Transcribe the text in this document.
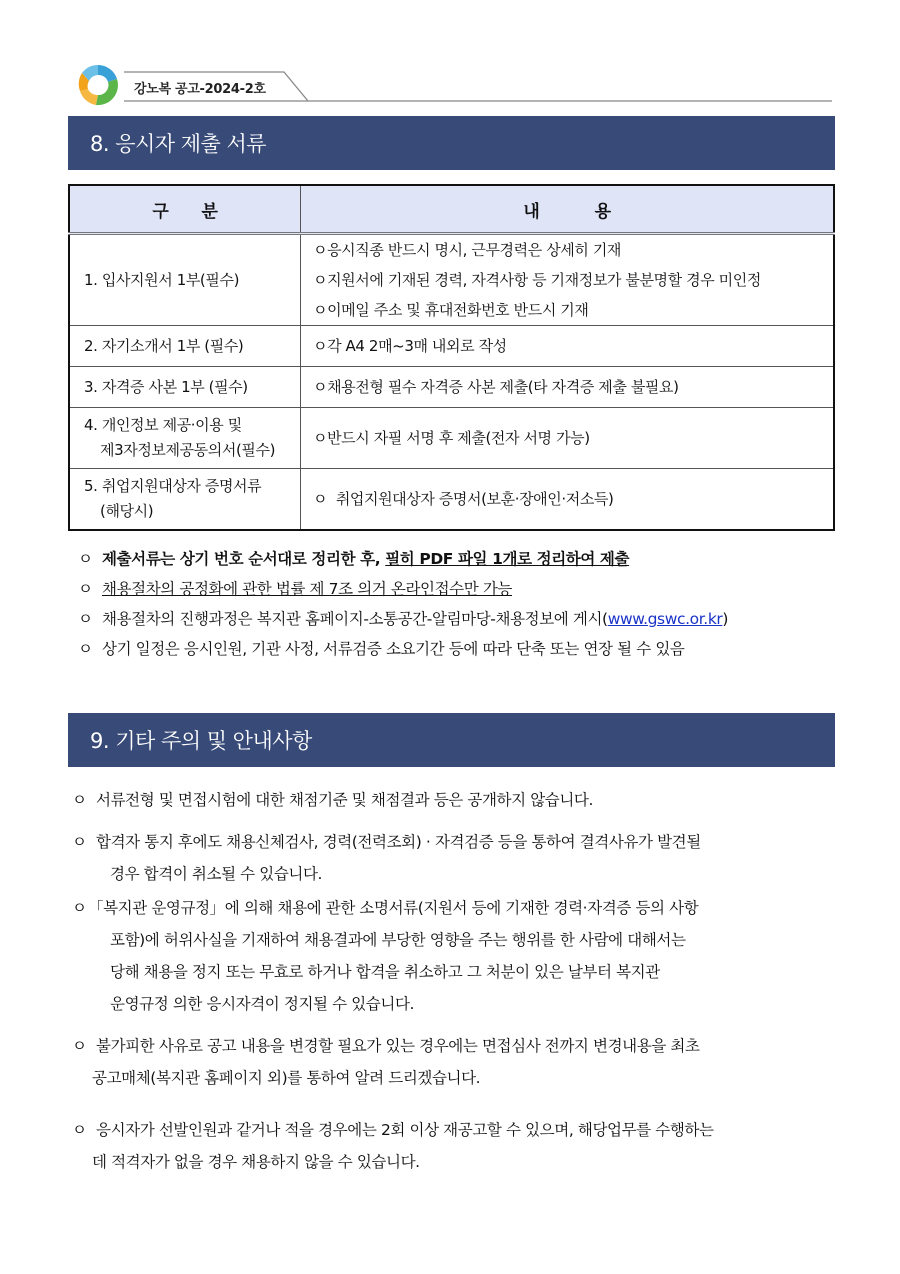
강노복 공고-2024-2호
8. 응시자 제출 서류
구      분	내          용

1. 입사지원서 1부(필수)	ㅇ응시직종 반드시 명시, 근무경력은 상세히 기재
ㅇ지원서에 기재된 경력, 자격사항 등 기재정보가 불분명할 경우 미인정
ㅇ이메일 주소 및 휴대전화번호 반드시 기재

2. 자기소개서 1부 (필수)	ㅇ각 A4 2매~3매 내외로 작성

3. 자격증 사본 1부 (필수)	ㅇ채용전형 필수 자격증 사본 제출(타 자격증 제출 불필요)

4. 개인정보 제공·이용 및
제3자정보제공동의서(필수)	ㅇ반드시 자필 서명 후 제출(전자 서명 가능)

5. 취업지원대상자 증명서류
(해당시)	ㅇ  취업지원대상자 증명서(보훈·장애인·저소득)
ㅇ 제출서류는 상기 번호 순서대로 정리한 후, 필히 PDF 파일 1개로 정리하여 제출
ㅇ 채용절차의 공정화에 관한 법률 제 7조 의거 온라인접수만 가능
ㅇ 채용절차의 진행과정은 복지관 홈페이지-소통공간-알림마당-채용정보에 게시(www.gswc.or.kr)
ㅇ 상기 일정은 응시인원, 기관 사정, 서류검증 소요기간 등에 따라 단축 또는 연장 될 수 있음
9. 기타 주의 및 안내사항
ㅇ 서류전형 및 면접시험에 대한 채점기준 및 채점결과 등은 공개하지 않습니다.
ㅇ 합격자 통지 후에도 채용신체검사, 경력(전력조회) · 자격검증 등을 통하여 결격사유가 발견될
경우 합격이 취소될 수 있습니다.
ㅇ「복지관 운영규정」에 의해 채용에 관한 소명서류(지원서 등에 기재한 경력·자격증 등의 사항
포함)에 허위사실을 기재하여 채용결과에 부당한 영향을 주는 행위를 한 사람에 대해서는
당해 채용을 정지 또는 무효로 하거나 합격을 취소하고 그 처분이 있은 날부터 복지관
운영규정 의한 응시자격이 정지될 수 있습니다.
ㅇ 불가피한 사유로 공고 내용을 변경할 필요가 있는 경우에는 면접심사 전까지 변경내용을 최초
공고매체(복지관 홈페이지 외)를 통하여 알려 드리겠습니다.
ㅇ 응시자가 선발인원과 같거나 적을 경우에는 2회 이상 재공고할 수 있으며, 해당업무를 수행하는
데 적격자가 없을 경우 채용하지 않을 수 있습니다.
